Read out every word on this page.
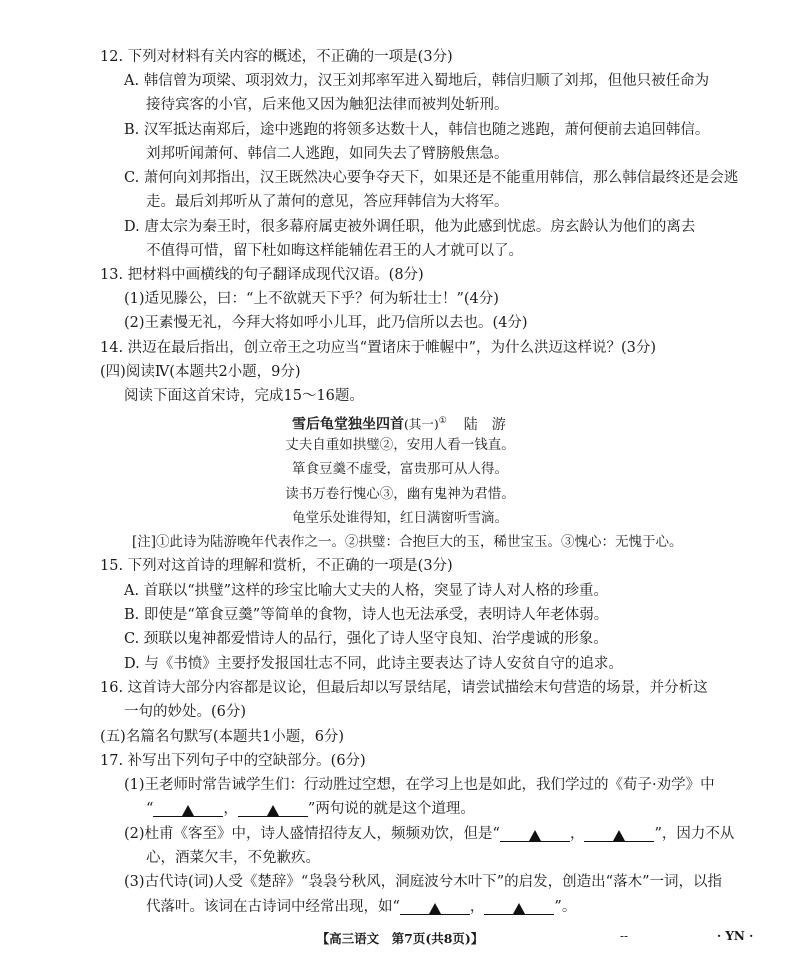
12. 下列对材料有关内容的概述，不正确的一项是(3分)
A. 韩信曾为项梁、项羽效力，汉王刘邦率军进入蜀地后，韩信归顺了刘邦，但他只被任命为
接待宾客的小官，后来他又因为触犯法律而被判处斩刑。
B. 汉军抵达南郑后，途中逃跑的将领多达数十人，韩信也随之逃跑，萧何便前去追回韩信。
刘邦听闻萧何、韩信二人逃跑，如同失去了臂膀般焦急。
C. 萧何向刘邦指出，汉王既然决心要争夺天下，如果还是不能重用韩信，那么韩信最终还是会逃
走。最后刘邦听从了萧何的意见，答应拜韩信为大将军。
D. 唐太宗为秦王时，很多幕府属吏被外调任职，他为此感到忧虑。房玄龄认为他们的离去
不值得可惜，留下杜如晦这样能辅佐君王的人才就可以了。
13. 把材料中画横线的句子翻译成现代汉语。(8分)
(1)适见滕公，曰：“上不欲就天下乎？何为斩壮士！”(4分)
(2)王素慢无礼，今拜大将如呼小儿耳，此乃信所以去也。(4分)
14. 洪迈在最后指出，创立帝王之功应当“置诸床于帷幄中”，为什么洪迈这样说？(3分)
(四)阅读Ⅳ(本题共2小题，9分)
阅读下面这首宋诗，完成15～16题。
雪后龟堂独坐四首(其一)① 陆　游
丈夫自重如拱璧②，安用人看一钱直。
箪食豆羹不虚受，富贵那可从人得。
读书万卷行愧心③，幽有鬼神为君惜。
龟堂乐处谁得知，红日满窗听雪滴。
[注]①此诗为陆游晚年代表作之一。②拱璧：合抱巨大的玉，稀世宝玉。③愧心：无愧于心。
15. 下列对这首诗的理解和赏析，不正确的一项是(3分)
A. 首联以“拱璧”这样的珍宝比喻大丈夫的人格，突显了诗人对人格的珍重。
B. 即使是“箪食豆羹”等简单的食物，诗人也无法承受，表明诗人年老体弱。
C. 颈联以鬼神都爱惜诗人的品行，强化了诗人坚守良知、治学虔诚的形象。
D. 与《书愤》主要抒发报国壮志不同，此诗主要表达了诗人安贫自守的追求。
16. 这首诗大部分内容都是议论，但最后却以写景结尾，请尝试描绘末句营造的场景，并分析这
一句的妙处。(6分)
(五)名篇名句默写(本题共1小题，6分)
17. 补写出下列句子中的空缺部分。(6分)
(1)王老师时常告诫学生们：行动胜过空想，在学习上也是如此，我们学过的《荀子·劝学》中
“	，	”两句说的就是这个道理。
(2)杜甫《客至》中，诗人盛情招待友人，频频劝饮，但是“	，	”，因力不从
心，酒菜欠丰，不免歉疚。
(3)古代诗(词)人受《楚辞》“袅袅兮秋风，洞庭波兮木叶下”的启发，创造出“落木”一词，以指
代落叶。该词在古诗词中经常出现，如“	，	”。
【高三语文　第7页(共8页)】	--	· YN ·
